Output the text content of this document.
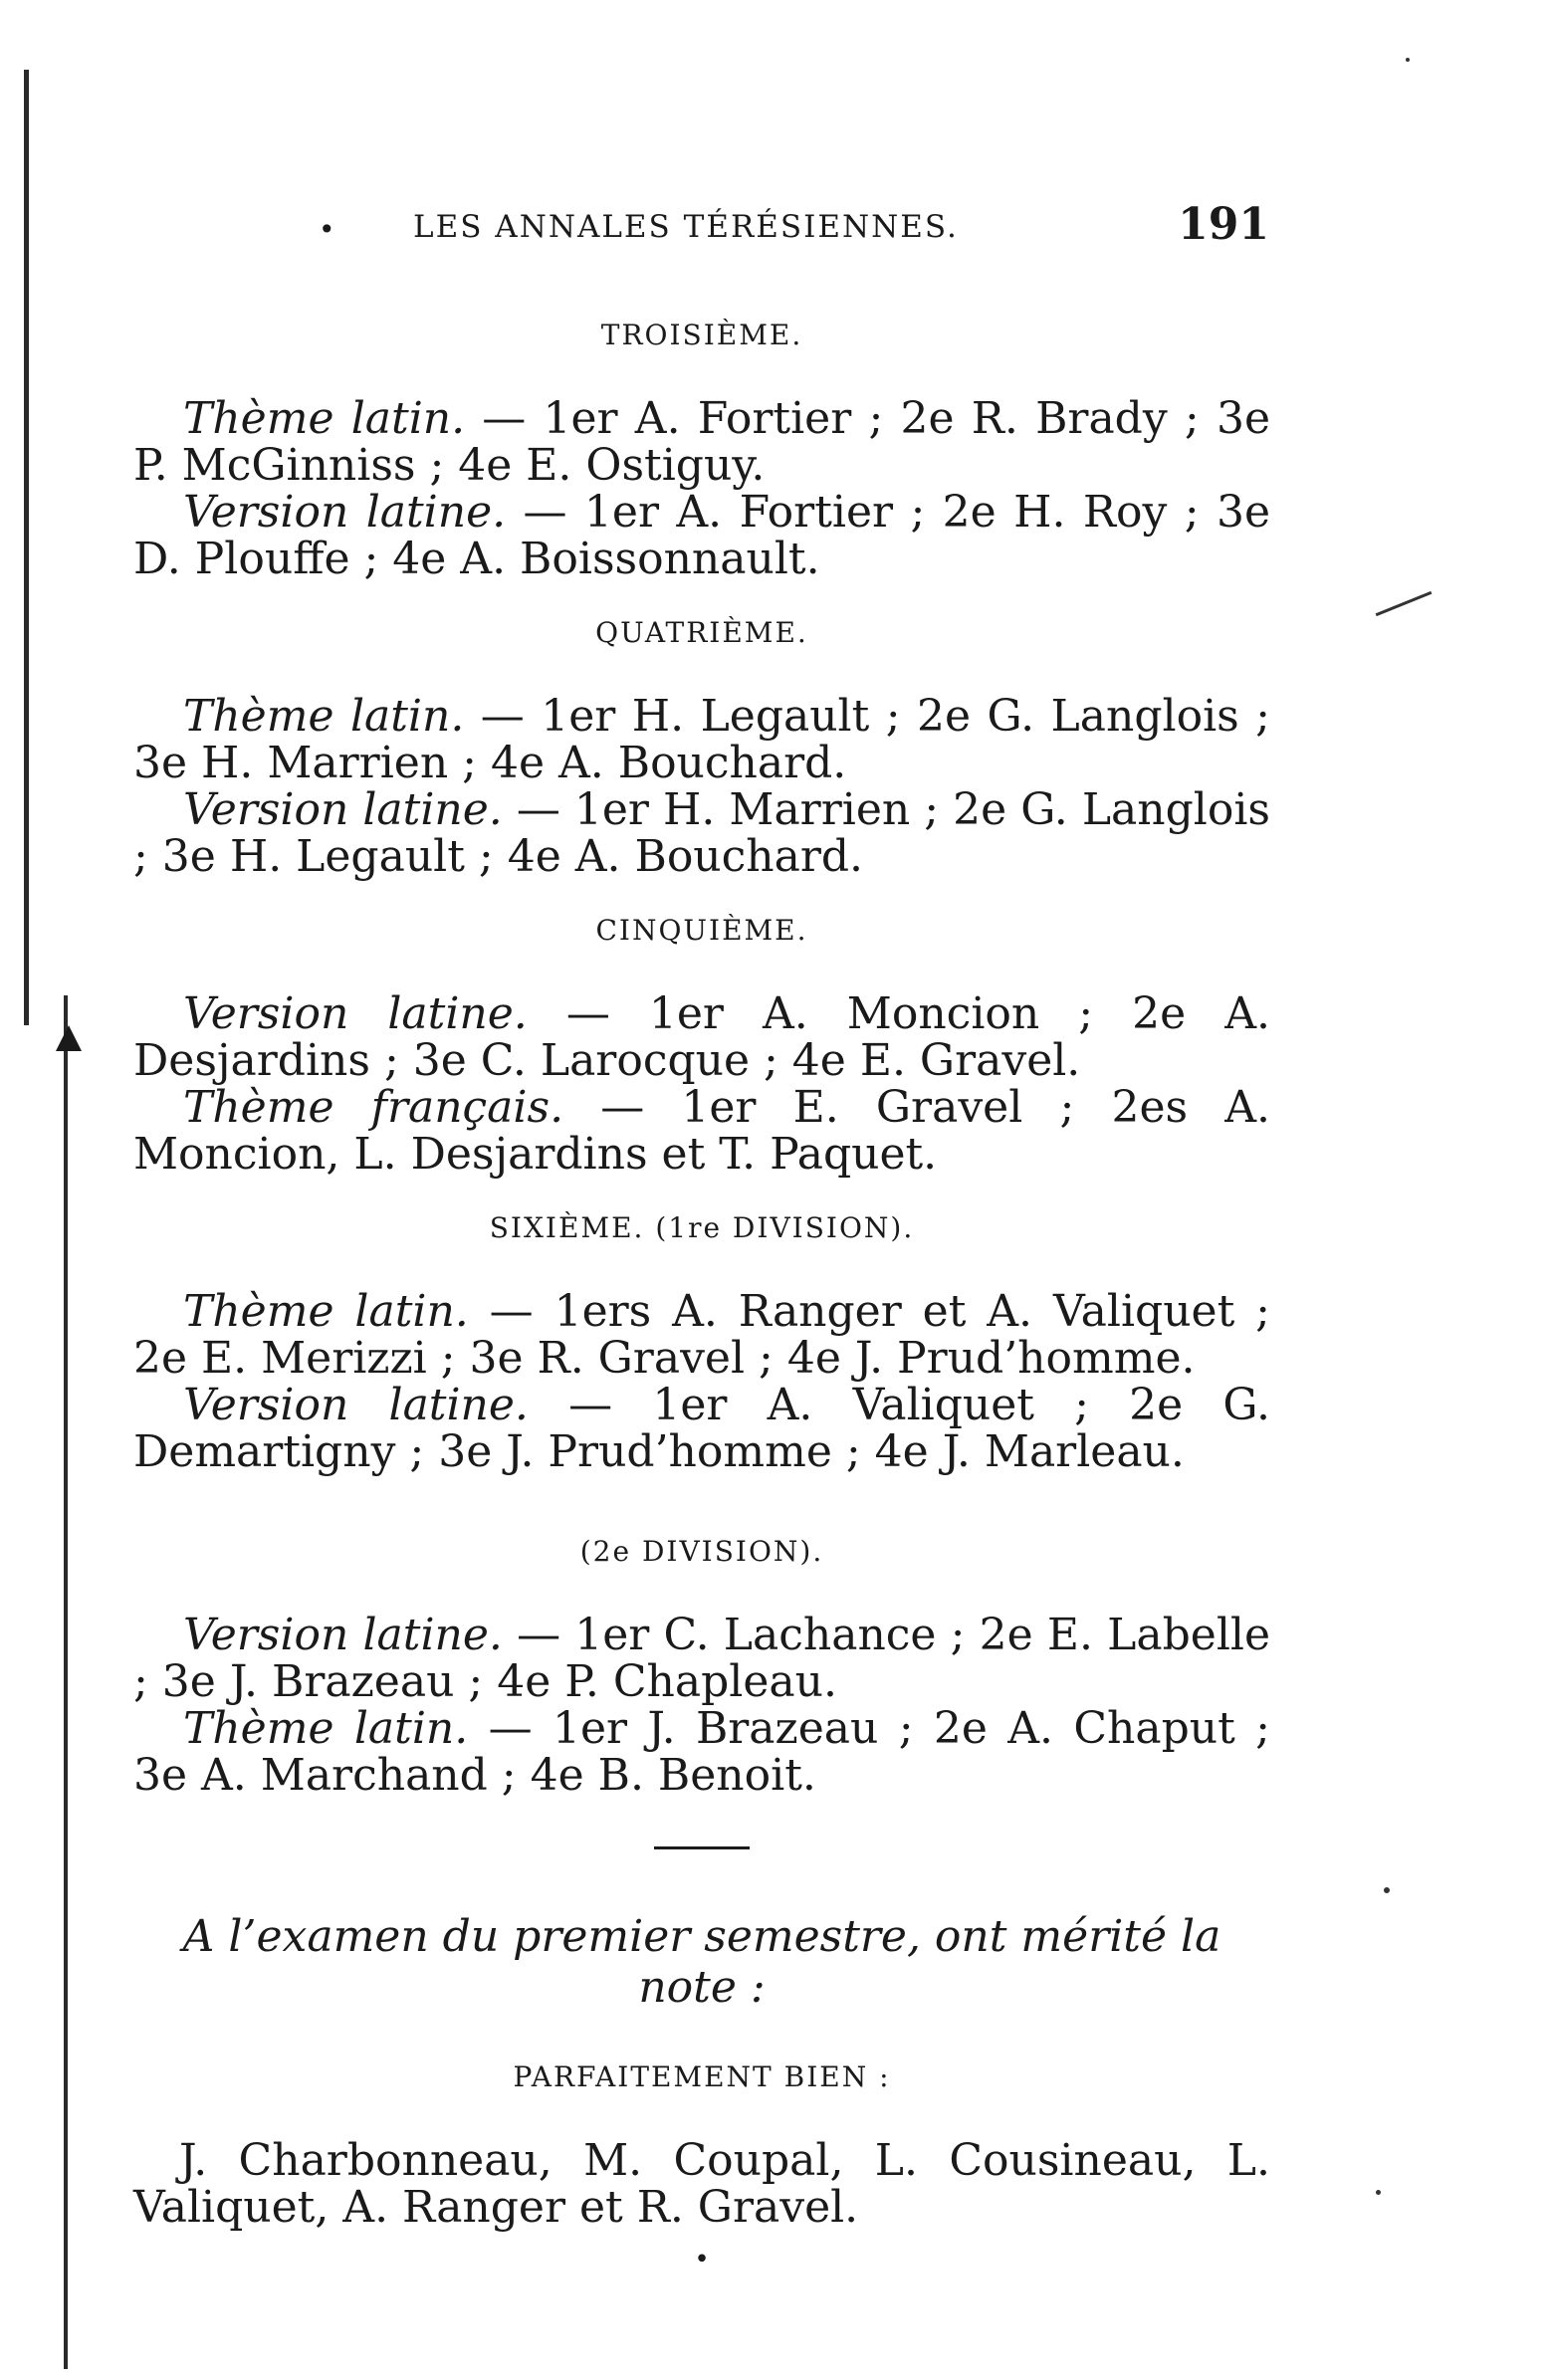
•	LES ANNALES TÉRÉSIENNES.	191
TROISIÈME.

Thème latin. — 1er A. Fortier ; 2e R. Brady ; 3e P. McGinniss ; 4e E. Ostiguy.

Version latine. — 1er A. Fortier ; 2e H. Roy ; 3e D. Plouffe ; 4e A. Boissonnault.

QUATRIÈME.

Thème latin. — 1er H. Legault ; 2e G. Langlois ; 3e H. Marrien ; 4e A. Bouchard.

Version latine. — 1er H. Marrien ; 2e G. Langlois ; 3e H. Legault ; 4e A. Bouchard.

CINQUIÈME.

Version latine. — 1er A. Moncion ; 2e A. Desjardins ; 3e C. Larocque ; 4e E. Gravel.

Thème français. — 1er E. Gravel ; 2es A. Moncion, L. Desjardins et T. Paquet.

SIXIÈME. (1re DIVISION).

Thème latin. — 1ers A. Ranger et A. Valiquet ; 2e E. Merizzi ; 3e R. Gravel ; 4e J. Prud’homme.

Version latine. — 1er A. Valiquet ; 2e G. Demartigny ; 3e J. Prud’homme ; 4e J. Marleau.

(2e DIVISION).

Version latine. — 1er C. Lachance ; 2e E. Labelle ; 3e J. Brazeau ; 4e P. Chapleau.

Thème latin. — 1er J. Brazeau ; 2e A. Chaput ; 3e A. Marchand ; 4e B. Benoit.

A l’examen du premier semestre, ont mérité la note :

PARFAITEMENT BIEN :

J. Charbonneau, M. Coupal, L. Cousineau, L. Valiquet, A. Ranger et R. Gravel.

•
